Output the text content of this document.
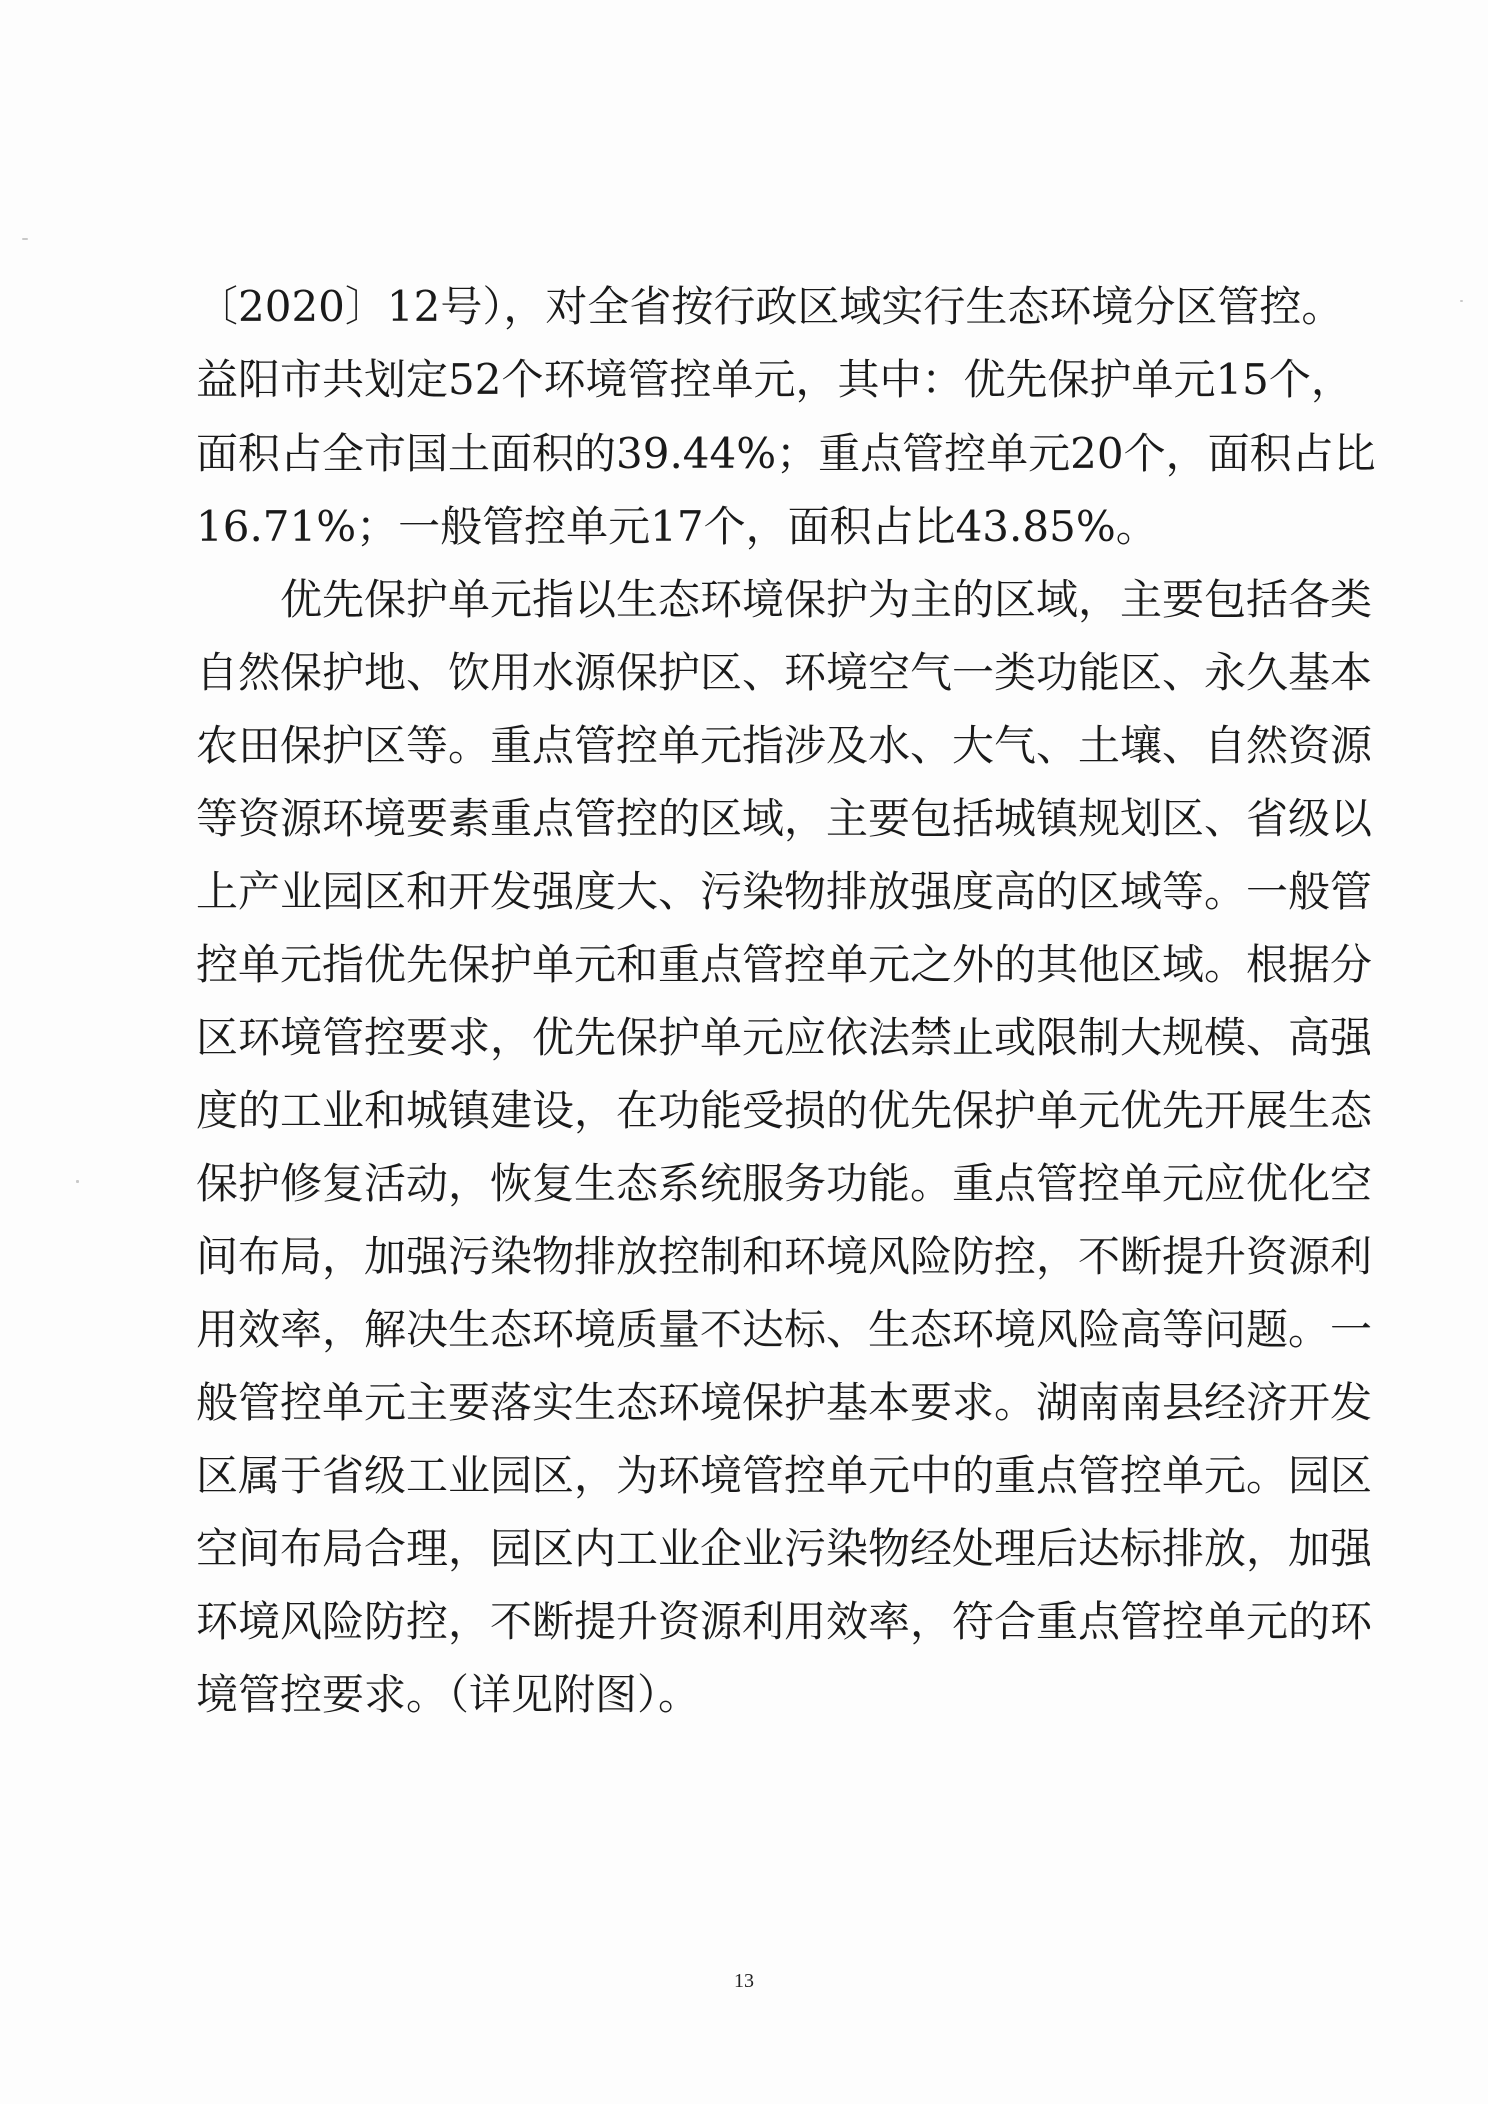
〔2020〕12号），对全省按行政区域实行生态环境分区管控。
益阳市共划定52个环境管控单元，其中：优先保护单元15个，
面积占全市国土面积的39.44%；重点管控单元20个，面积占比
16.71%；一般管控单元17个，面积占比43.85%。
优先保护单元指以生态环境保护为主的区域，主要包括各类
自然保护地、饮用水源保护区、环境空气一类功能区、永久基本
农田保护区等。重点管控单元指涉及水、大气、土壤、自然资源
等资源环境要素重点管控的区域，主要包括城镇规划区、省级以
上产业园区和开发强度大、污染物排放强度高的区域等。一般管
控单元指优先保护单元和重点管控单元之外的其他区域。根据分
区环境管控要求，优先保护单元应依法禁止或限制大规模、高强
度的工业和城镇建设，在功能受损的优先保护单元优先开展生态
保护修复活动，恢复生态系统服务功能。重点管控单元应优化空
间布局，加强污染物排放控制和环境风险防控，不断提升资源利
用效率，解决生态环境质量不达标、生态环境风险高等问题。一
般管控单元主要落实生态环境保护基本要求。湖南南县经济开发
区属于省级工业园区，为环境管控单元中的重点管控单元。园区
空间布局合理，园区内工业企业污染物经处理后达标排放，加强
环境风险防控，不断提升资源利用效率，符合重点管控单元的环
境管控要求。（详见附图）。
13
